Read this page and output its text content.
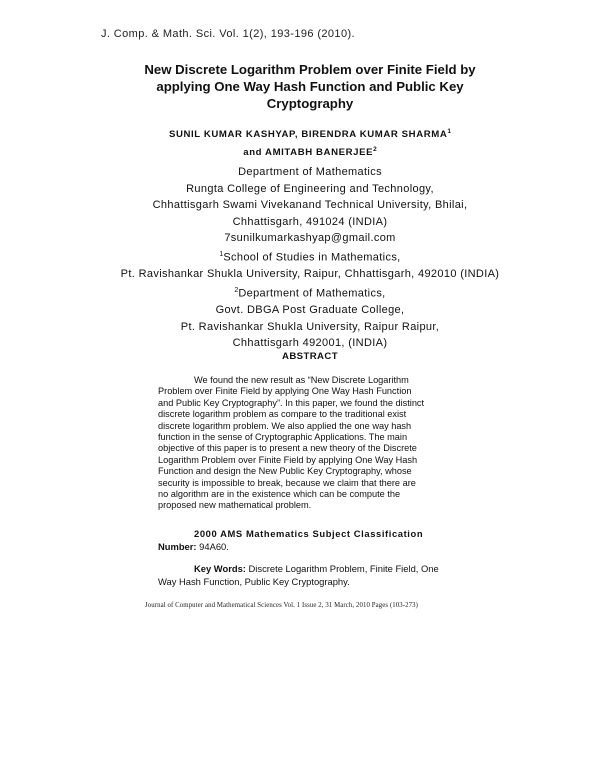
J. Comp. & Math. Sci. Vol. 1(2), 193-196 (2010).
New Discrete Logarithm Problem over Finite Field by
applying One Way Hash Function and Public Key
Cryptography
SUNIL KUMAR KASHYAP, BIRENDRA KUMAR SHARMA$^1$
and AMITABH BANERJEE$^2$
Department of Mathematics
Rungta College of Engineering and Technology,
Chhattisgarh Swami Vivekanand Technical University, Bhilai,
Chhattisgarh, 491024 (INDIA)
7sunilkumarkashyap@gmail.com
$^1$School of Studies in Mathematics,
Pt. Ravishankar Shukla University, Raipur, Chhattisgarh, 492010 (INDIA)
$^2$Department of Mathematics,
Govt. DBGA Post Graduate College,
Pt. Ravishankar Shukla University, Raipur Raipur,
Chhattisgarh 492001, (INDIA)
ABSTRACT
We found the new result as “New Discrete Logarithm
Problem over Finite Field by applying One Way Hash Function
and Public Key Cryptography”. In this paper, we found the distinct
discrete logarithm problem as compare to the traditional exist
discrete logarithm problem. We also applied the one way hash
function in the sense of Cryptographic Applications. The main
objective of this paper is to present a new theory of the Discrete
Logarithm Problem over Finite Field by applying One Way Hash
Function and design the New Public Key Cryptography, whose
security is impossible to break, because we claim that there are
no algorithm are in the existence which can be compute the
proposed new mathematical problem.
2000 AMS Mathematics Subject Classification
Number: 94A60.
Key Words: Discrete Logarithm Problem, Finite Field, One
Way Hash Function, Public Key Cryptography.
Journal of Computer and Mathematical Sciences Vol. 1 Issue 2, 31 March, 2010 Pages (103-273)
